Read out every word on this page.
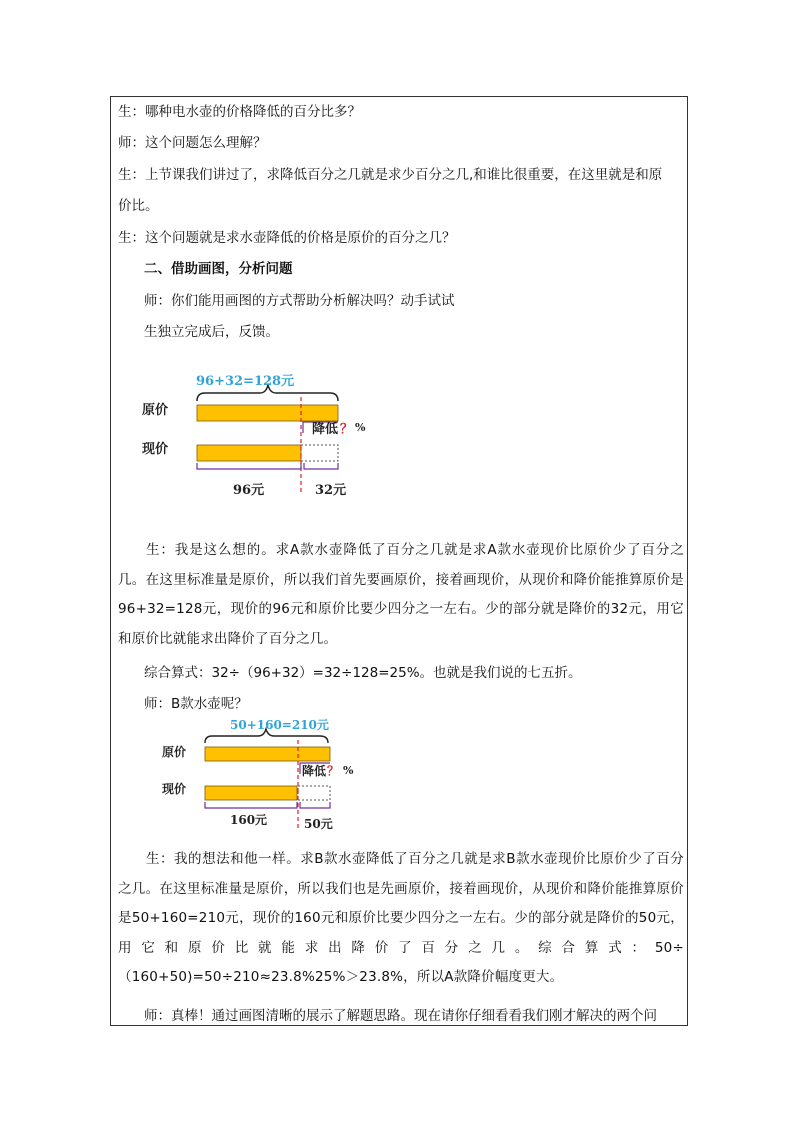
生：哪种电水壶的价格降低的百分比多？
师：这个问题怎么理解？
生：上节课我们讲过了，求降低百分之几就是求少百分之几,和谁比很重要，在这里就是和原
价比。
生：这个问题就是求水壶降低的价格是原价的百分之几？
二、借助画图，分析问题
师：你们能用画图的方式帮助分析解决吗？动手试试
生独立完成后，反馈。
96+32=128元
原价
现价
降低 ？ %
96元	32元
生：我是这么想的。求A款水壶降低了百分之几就是求A款水壶现价比原价少了百分之几。在这里标准量是原价，所以我们首先要画原价，接着画现价，从现价和降价能推算原价是96+32=128元，现价的96元和原价比要少四分之一左右。少的部分就是降价的32元，用它和原价比就能求出降价了百分之几。
综合算式：32÷（96+32）=32÷128=25%。也就是我们说的七五折。
师：B款水壶呢？
50+160=210元
原价
现价
降低 ？ %
160元	50元
生：我的想法和他一样。求B款水壶降低了百分之几就是求B款水壶现价比原价少了百分之几。在这里标准量是原价，所以我们也是先画原价，接着画现价，从现价和降价能推算原价是50+160=210元，现价的160元和原价比要少四分之一左右。少的部分就是降价的50元，用它和原价比就能求出降价了百分之几。综合算式：50÷（160+50)=50÷210≈23.8%25%＞23.8%，所以A款降价幅度更大。
师：真棒！通过画图清晰的展示了解题思路。现在请你仔细看看我们刚才解决的两个问
